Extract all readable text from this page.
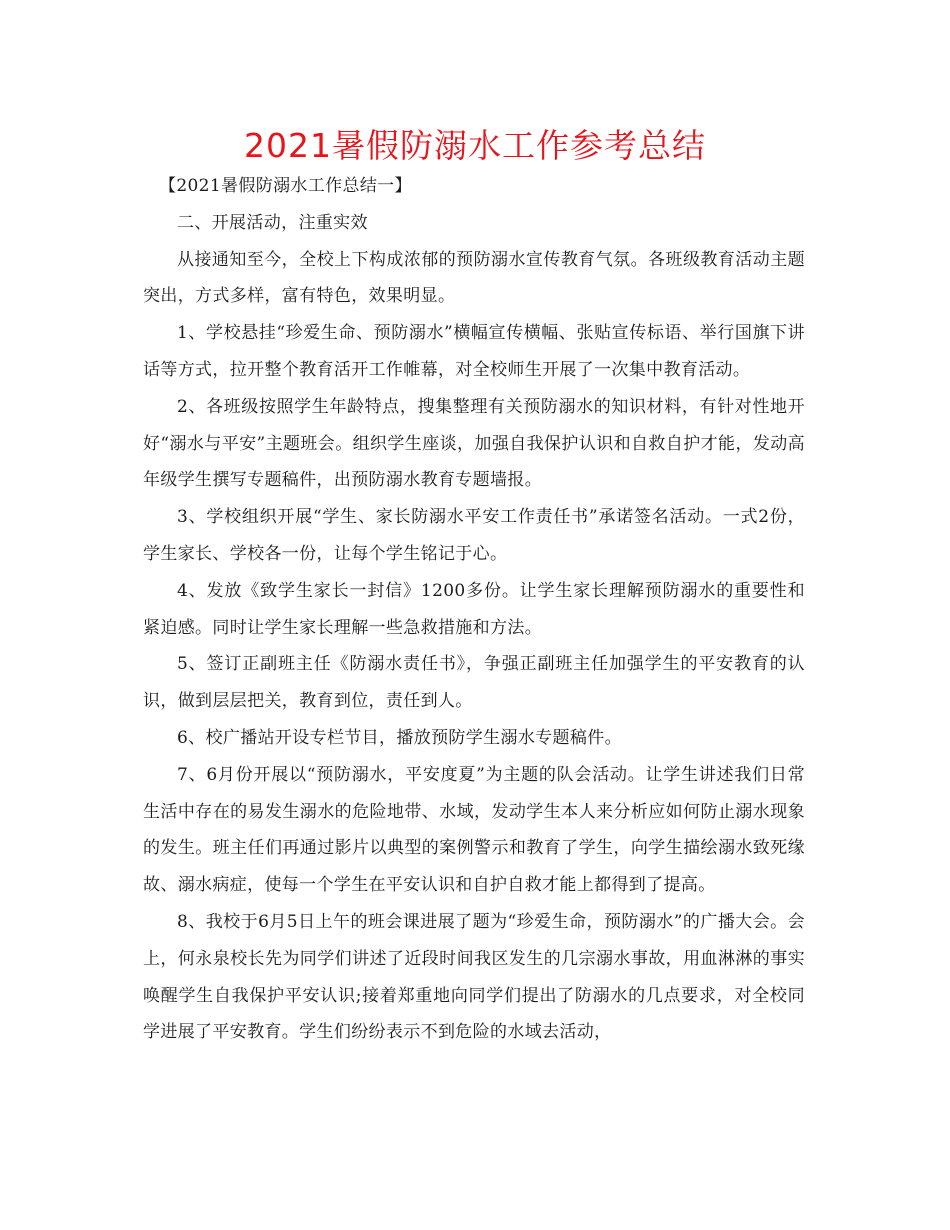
2021暑假防溺水工作参考总结

【2021暑假防溺水工作总结一】

二、开展活动，注重实效

从接通知至今，全校上下构成浓郁的预防溺水宣传教育气氛。各班级教育活动主题突出，方式多样，富有特色，效果明显。

1、学校悬挂“珍爱生命、预防溺水”横幅宣传横幅、张贴宣传标语、举行国旗下讲话等方式，拉开整个教育活开工作帷幕，对全校师生开展了一次集中教育活动。

2、各班级按照学生年龄特点，搜集整理有关预防溺水的知识材料，有针对性地开好“溺水与平安”主题班会。组织学生座谈，加强自我保护认识和自救自护才能，发动高年级学生撰写专题稿件，出预防溺水教育专题墙报。

3、学校组织开展“学生、家长防溺水平安工作责任书”承诺签名活动。一式2份，学生家长、学校各一份，让每个学生铭记于心。

4、发放《致学生家长一封信》1200多份。让学生家长理解预防溺水的重要性和紧迫感。同时让学生家长理解一些急救措施和方法。

5、签订正副班主任《防溺水责任书》，争强正副班主任加强学生的平安教育的认识，做到层层把关，教育到位，责任到人。

6、校广播站开设专栏节目，播放预防学生溺水专题稿件。

7、6月份开展以“预防溺水，平安度夏”为主题的队会活动。让学生讲述我们日常生活中存在的易发生溺水的危险地带、水域，发动学生本人来分析应如何防止溺水现象的发生。班主任们再通过影片以典型的案例警示和教育了学生，向学生描绘溺水致死缘故、溺水病症，使每一个学生在平安认识和自护自救才能上都得到了提高。

8、我校于6月5日上午的班会课进展了题为“珍爱生命，预防溺水”的广播大会。会上，何永泉校长先为同学们讲述了近段时间我区发生的几宗溺水事故，用血淋淋的事实唤醒学生自我保护平安认识;接着郑重地向同学们提出了防溺水的几点要求，对全校同学进展了平安教育。学生们纷纷表示不到危险的水域去活动，
